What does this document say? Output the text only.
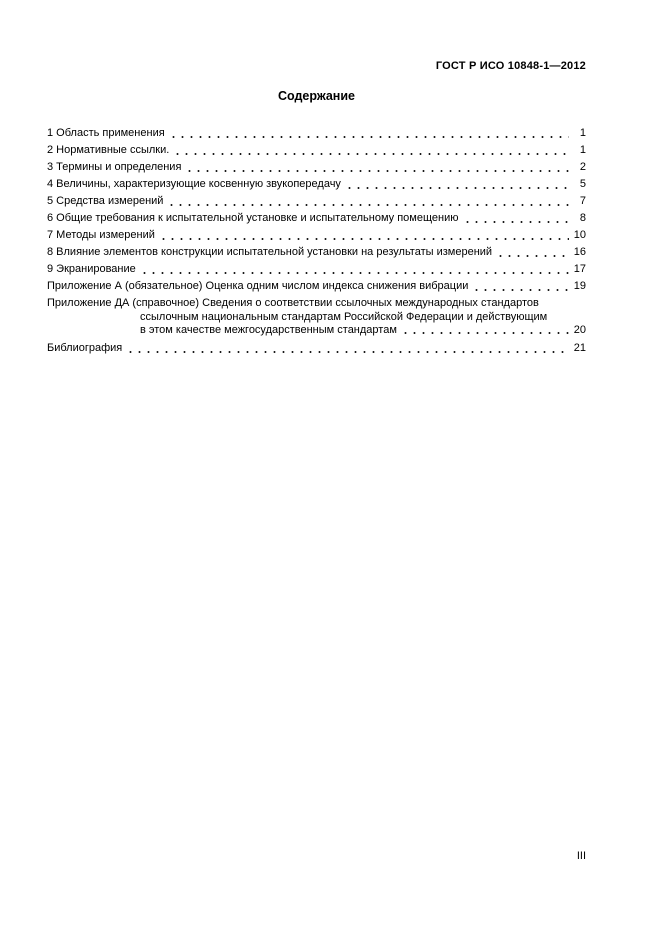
ГОСТ Р ИСО 10848-1—2012
Содержание
1 Область применения	1
2 Нормативные ссылки.	1
3 Термины и определения	2
4 Величины, характеризующие косвенную звукопередачу	5
5 Средства измерений	7
6 Общие требования к испытательной установке и испытательному помещению	8
7 Методы измерений	10
8 Влияние элементов конструкции испытательной установки на результаты измерений	16
9 Экранирование	17
Приложение А (обязательное) Оценка одним числом индекса снижения вибрации	19
Приложение ДА (справочное) Сведения о соответствии ссылочных международных стандартов
ссылочным национальным стандартам Российской Федерации и действующим
в этом качестве межгосударственным стандартам	20
Библиография	21
III
